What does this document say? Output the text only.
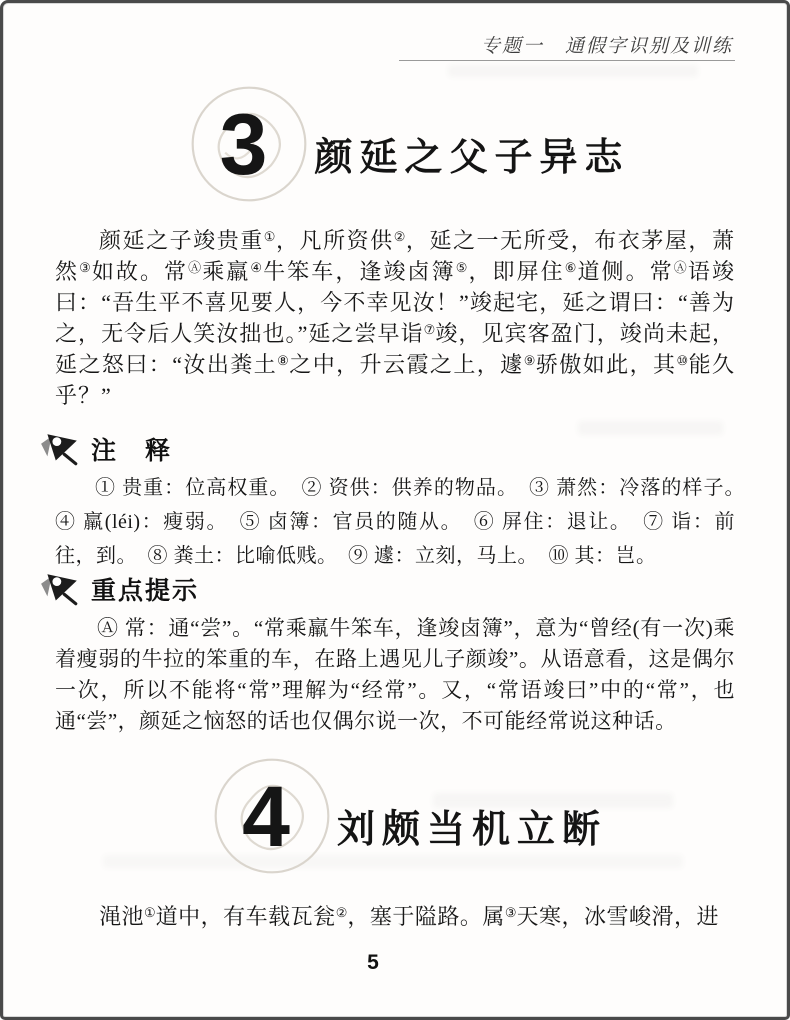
专题一　通假字识别及训练
3 颜延之父子异志
颜延之子竣贵重①，凡所资供②，延之一无所受，布衣茅屋，萧然③如故。常Ⓐ乘羸④牛笨车，逢竣卤簿⑤，即屏住⑥道侧。常Ⓐ语竣曰：“吾生平不喜见要人，今不幸见汝！”竣起宅，延之谓曰：“善为之，无令后人笑汝拙也。”延之尝早诣⑦竣，见宾客盈门，竣尚未起，延之怒曰：“汝出粪土⑧之中，升云霞之上，遽⑨骄傲如此，其⑩能久乎？”
注　释
① 贵重：位高权重。　② 资供：供养的物品。　③ 萧然：冷落的样子。　④ 羸(léi)：瘦弱。　⑤ 卤簿：官员的随从。　⑥ 屏住：退让。　⑦ 诣：前往，到。　⑧ 粪土：比喻低贱。　⑨ 遽：立刻，马上。　⑩ 其：岂。
重点提示
Ⓐ 常：通“尝”。“常乘羸牛笨车，逢竣卤簿”，意为“曾经(有一次)乘着瘦弱的牛拉的笨重的车，在路上遇见儿子颜竣”。从语意看，这是偶尔一次，所以不能将“常”理解为“经常”。又，“常语竣曰”中的“常”，也通“尝”，颜延之恼怒的话也仅偶尔说一次，不可能经常说这种话。
4 刘颇当机立断
渑池①道中，有车载瓦瓮②，塞于隘路。属③天寒，冰雪峻滑，进
5
